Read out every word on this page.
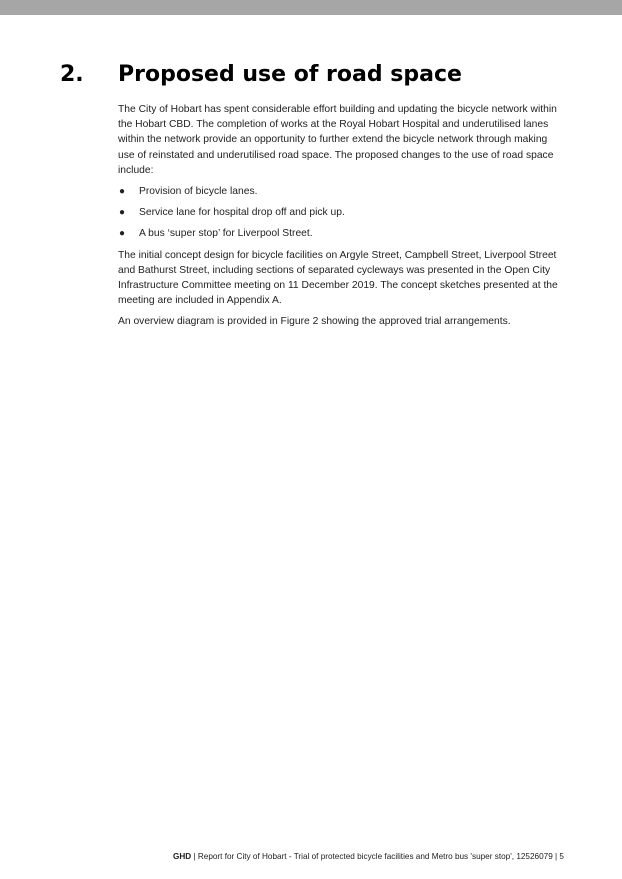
2. Proposed use of road space

The City of Hobart has spent considerable effort building and updating the bicycle network within the Hobart CBD. The completion of works at the Royal Hobart Hospital and underutilised lanes within the network provide an opportunity to further extend the bicycle network through making use of reinstated and underutilised road space. The proposed changes to the use of road space include:

● Provision of bicycle lanes.
● Service lane for hospital drop off and pick up.
● A bus ‘super stop’ for Liverpool Street.

The initial concept design for bicycle facilities on Argyle Street, Campbell Street, Liverpool Street and Bathurst Street, including sections of separated cycleways was presented in the Open City Infrastructure Committee meeting on 11 December 2019. The concept sketches presented at the meeting are included in Appendix A.

An overview diagram is provided in Figure 2 showing the approved trial arrangements.

GHD | Report for City of Hobart - Trial of protected bicycle facilities and Metro bus 'super stop', 12526079 | 5
